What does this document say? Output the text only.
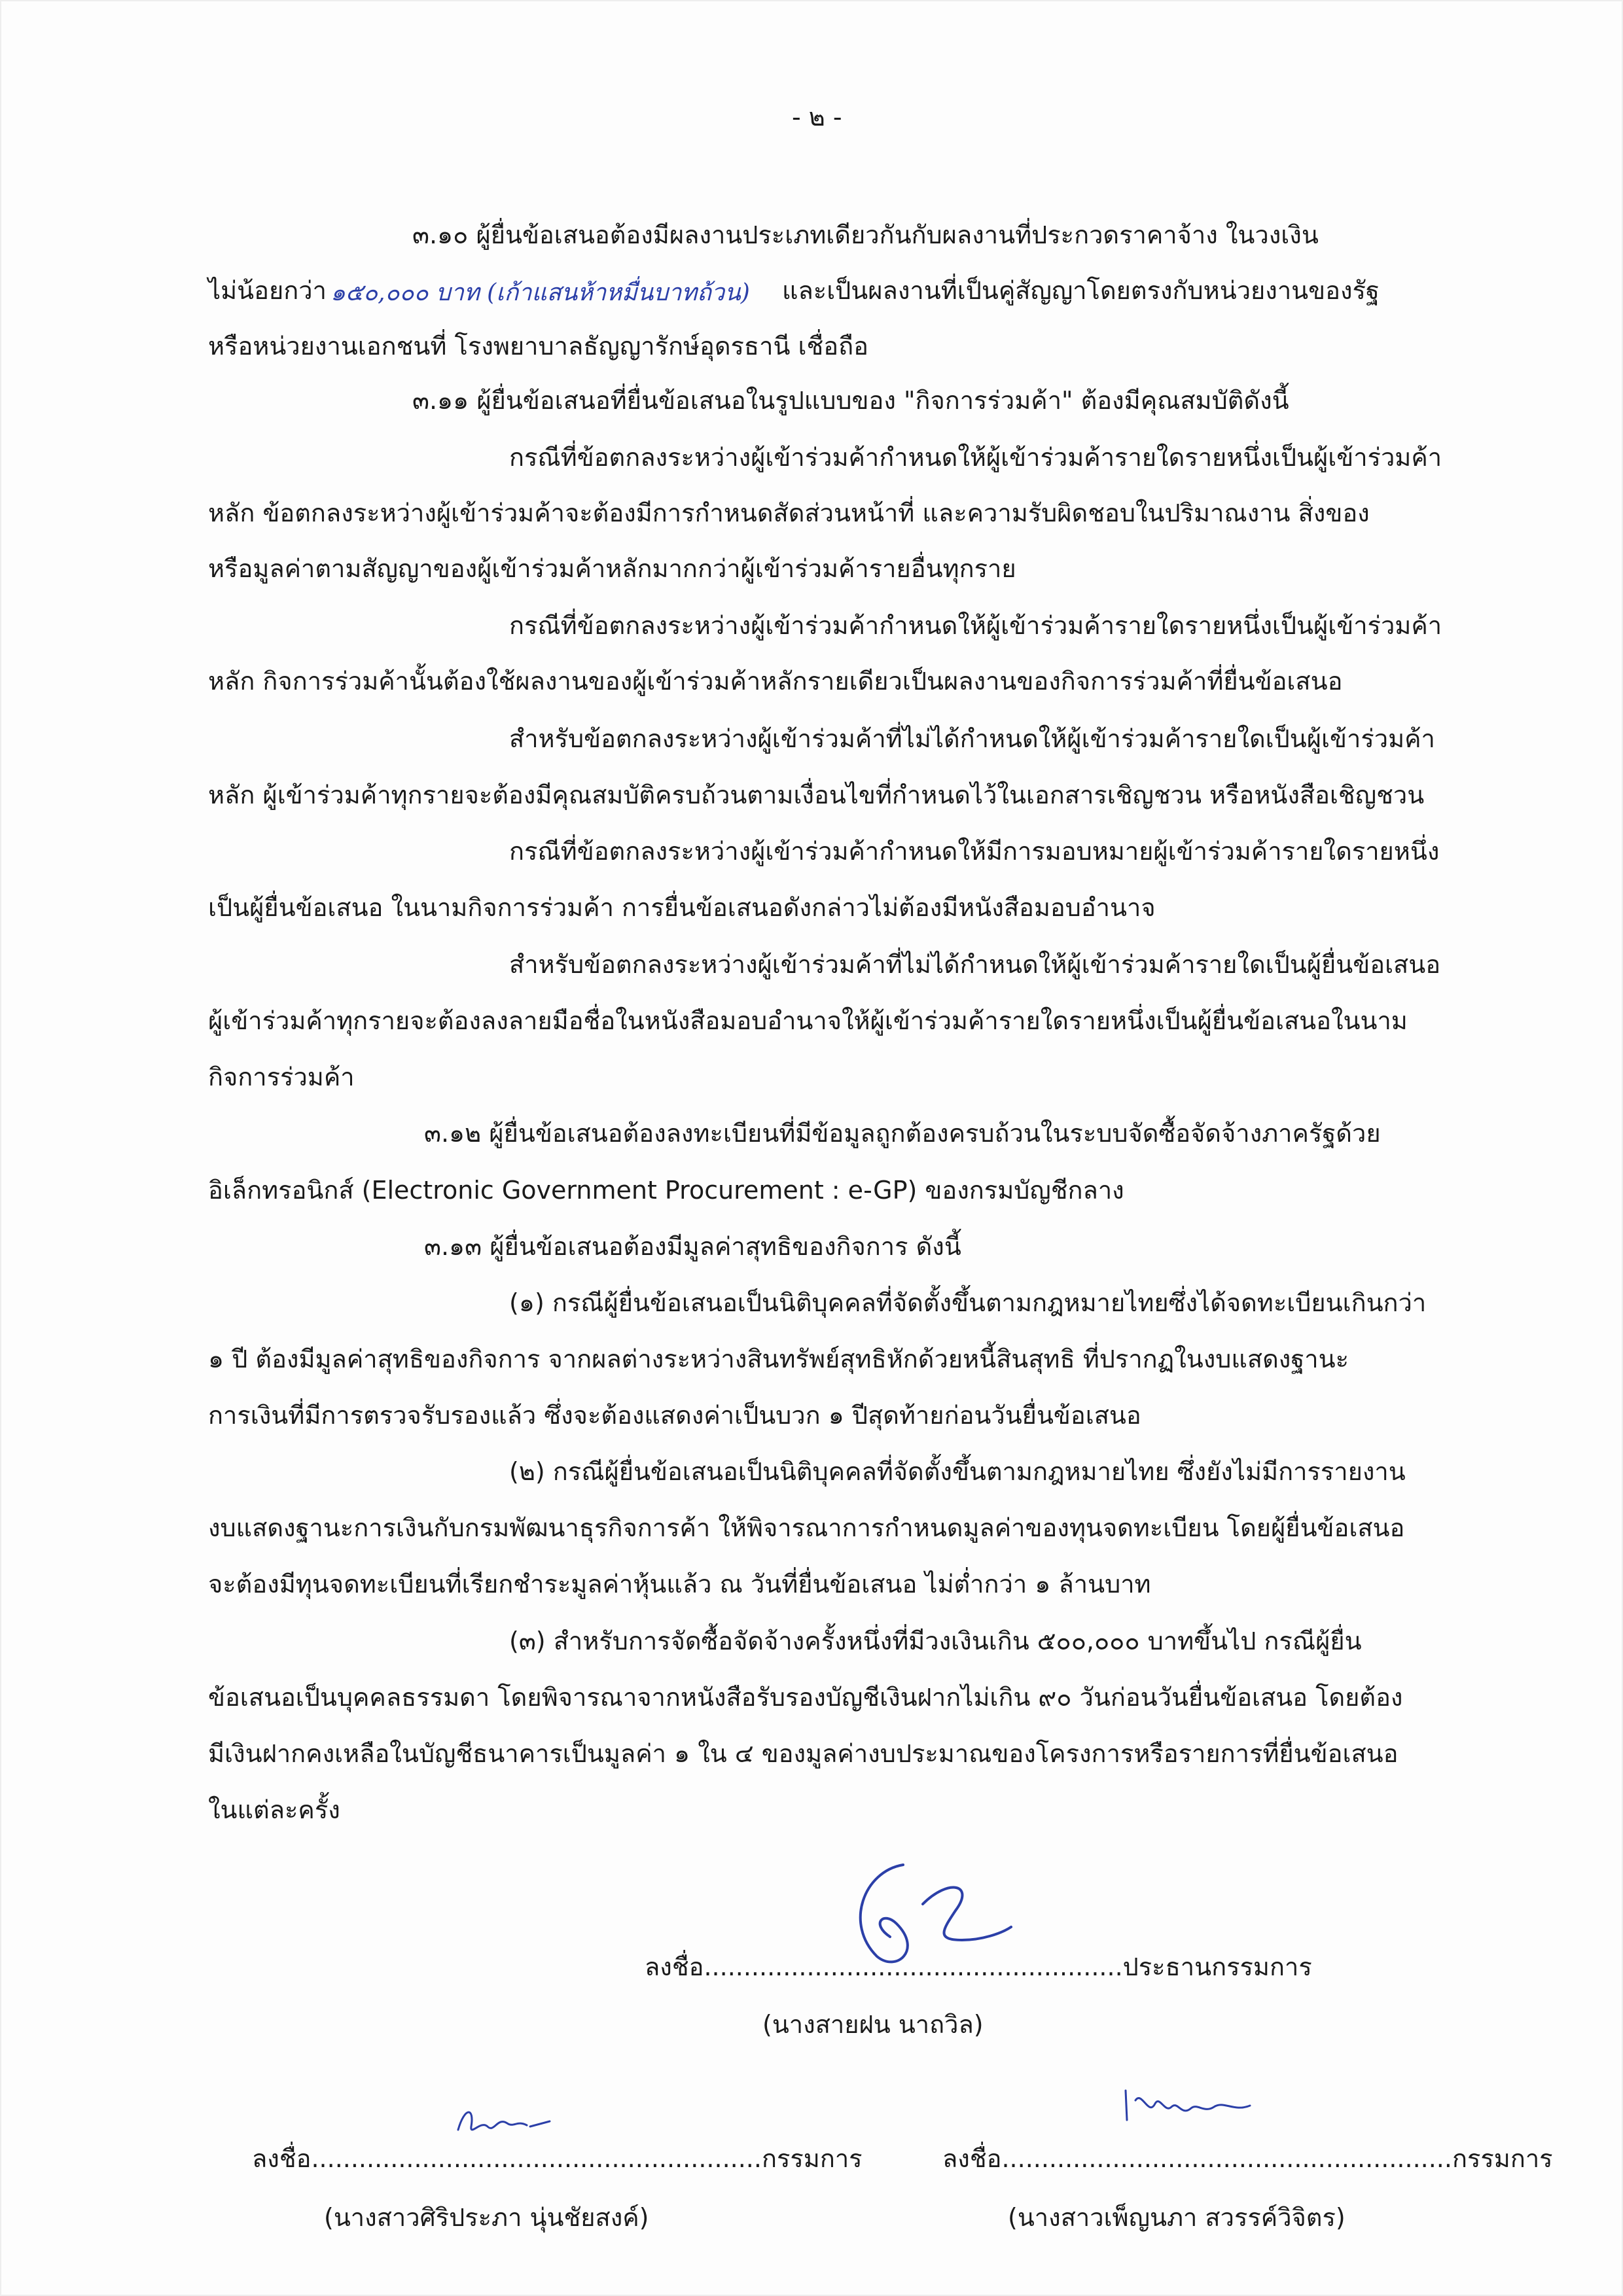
- ๒ -
๓.๑๐ ผู้ยื่นข้อเสนอต้องมีผลงานประเภทเดียวกันกับผลงานที่ประกวดราคาจ้าง ในวงเงิน
ไม่น้อยกว่า ๑๕๐,๐๐๐ บาท (เก้าแสนห้าหมื่นบาทถ้วน) และเป็นผลงานที่เป็นคู่สัญญาโดยตรงกับหน่วยงานของรัฐ
หรือหน่วยงานเอกชนที่ โรงพยาบาลธัญญารักษ์อุดรธานี เชื่อถือ
๓.๑๑ ผู้ยื่นข้อเสนอที่ยื่นข้อเสนอในรูปแบบของ "กิจการร่วมค้า" ต้องมีคุณสมบัติดังนี้
กรณีที่ข้อตกลงระหว่างผู้เข้าร่วมค้ากำหนดให้ผู้เข้าร่วมค้ารายใดรายหนึ่งเป็นผู้เข้าร่วมค้า
หลัก ข้อตกลงระหว่างผู้เข้าร่วมค้าจะต้องมีการกำหนดสัดส่วนหน้าที่ และความรับผิดชอบในปริมาณงาน สิ่งของ
หรือมูลค่าตามสัญญาของผู้เข้าร่วมค้าหลักมากกว่าผู้เข้าร่วมค้ารายอื่นทุกราย
กรณีที่ข้อตกลงระหว่างผู้เข้าร่วมค้ากำหนดให้ผู้เข้าร่วมค้ารายใดรายหนึ่งเป็นผู้เข้าร่วมค้า
หลัก กิจการร่วมค้านั้นต้องใช้ผลงานของผู้เข้าร่วมค้าหลักรายเดียวเป็นผลงานของกิจการร่วมค้าที่ยื่นข้อเสนอ
สำหรับข้อตกลงระหว่างผู้เข้าร่วมค้าที่ไม่ได้กำหนดให้ผู้เข้าร่วมค้ารายใดเป็นผู้เข้าร่วมค้า
หลัก ผู้เข้าร่วมค้าทุกรายจะต้องมีคุณสมบัติครบถ้วนตามเงื่อนไขที่กำหนดไว้ในเอกสารเชิญชวน หรือหนังสือเชิญชวน
กรณีที่ข้อตกลงระหว่างผู้เข้าร่วมค้ากำหนดให้มีการมอบหมายผู้เข้าร่วมค้ารายใดรายหนึ่ง
เป็นผู้ยื่นข้อเสนอ ในนามกิจการร่วมค้า การยื่นข้อเสนอดังกล่าวไม่ต้องมีหนังสือมอบอำนาจ
สำหรับข้อตกลงระหว่างผู้เข้าร่วมค้าที่ไม่ได้กำหนดให้ผู้เข้าร่วมค้ารายใดเป็นผู้ยื่นข้อเสนอ
ผู้เข้าร่วมค้าทุกรายจะต้องลงลายมือชื่อในหนังสือมอบอำนาจให้ผู้เข้าร่วมค้ารายใดรายหนึ่งเป็นผู้ยื่นข้อเสนอในนาม
กิจการร่วมค้า
๓.๑๒ ผู้ยื่นข้อเสนอต้องลงทะเบียนที่มีข้อมูลถูกต้องครบถ้วนในระบบจัดซื้อจัดจ้างภาครัฐด้วย
อิเล็กทรอนิกส์ (Electronic Government Procurement : e-GP) ของกรมบัญชีกลาง
๓.๑๓ ผู้ยื่นข้อเสนอต้องมีมูลค่าสุทธิของกิจการ ดังนี้
(๑) กรณีผู้ยื่นข้อเสนอเป็นนิติบุคคลที่จัดตั้งขึ้นตามกฎหมายไทยซึ่งได้จดทะเบียนเกินกว่า
๑ ปี ต้องมีมูลค่าสุทธิของกิจการ จากผลต่างระหว่างสินทรัพย์สุทธิหักด้วยหนี้สินสุทธิ ที่ปรากฏในงบแสดงฐานะ
การเงินที่มีการตรวจรับรองแล้ว ซึ่งจะต้องแสดงค่าเป็นบวก ๑ ปีสุดท้ายก่อนวันยื่นข้อเสนอ
(๒) กรณีผู้ยื่นข้อเสนอเป็นนิติบุคคลที่จัดตั้งขึ้นตามกฎหมายไทย ซึ่งยังไม่มีการรายงาน
งบแสดงฐานะการเงินกับกรมพัฒนาธุรกิจการค้า ให้พิจารณาการกำหนดมูลค่าของทุนจดทะเบียน โดยผู้ยื่นข้อเสนอ
จะต้องมีทุนจดทะเบียนที่เรียกชำระมูลค่าหุ้นแล้ว ณ วันที่ยื่นข้อเสนอ ไม่ต่ำกว่า ๑ ล้านบาท
(๓) สำหรับการจัดซื้อจัดจ้างครั้งหนึ่งที่มีวงเงินเกิน ๕๐๐,๐๐๐ บาทขึ้นไป กรณีผู้ยื่น
ข้อเสนอเป็นบุคคลธรรมดา โดยพิจารณาจากหนังสือรับรองบัญชีเงินฝากไม่เกิน ๙๐ วันก่อนวันยื่นข้อเสนอ โดยต้อง
มีเงินฝากคงเหลือในบัญชีธนาคารเป็นมูลค่า ๑ ใน ๔ ของมูลค่างบประมาณของโครงการหรือรายการที่ยื่นข้อเสนอ
ในแต่ละครั้ง
ลงชื่อ.....................................................ประธานกรรมการ
(นางสายฝน นาถวิล)
ลงชื่อ.........................................................กรรมการ
(นางสาวศิริประภา นุ่นชัยสงค์)
ลงชื่อ.........................................................กรรมการ
(นางสาวเพ็ญนภา สวรรค์วิจิตร)
